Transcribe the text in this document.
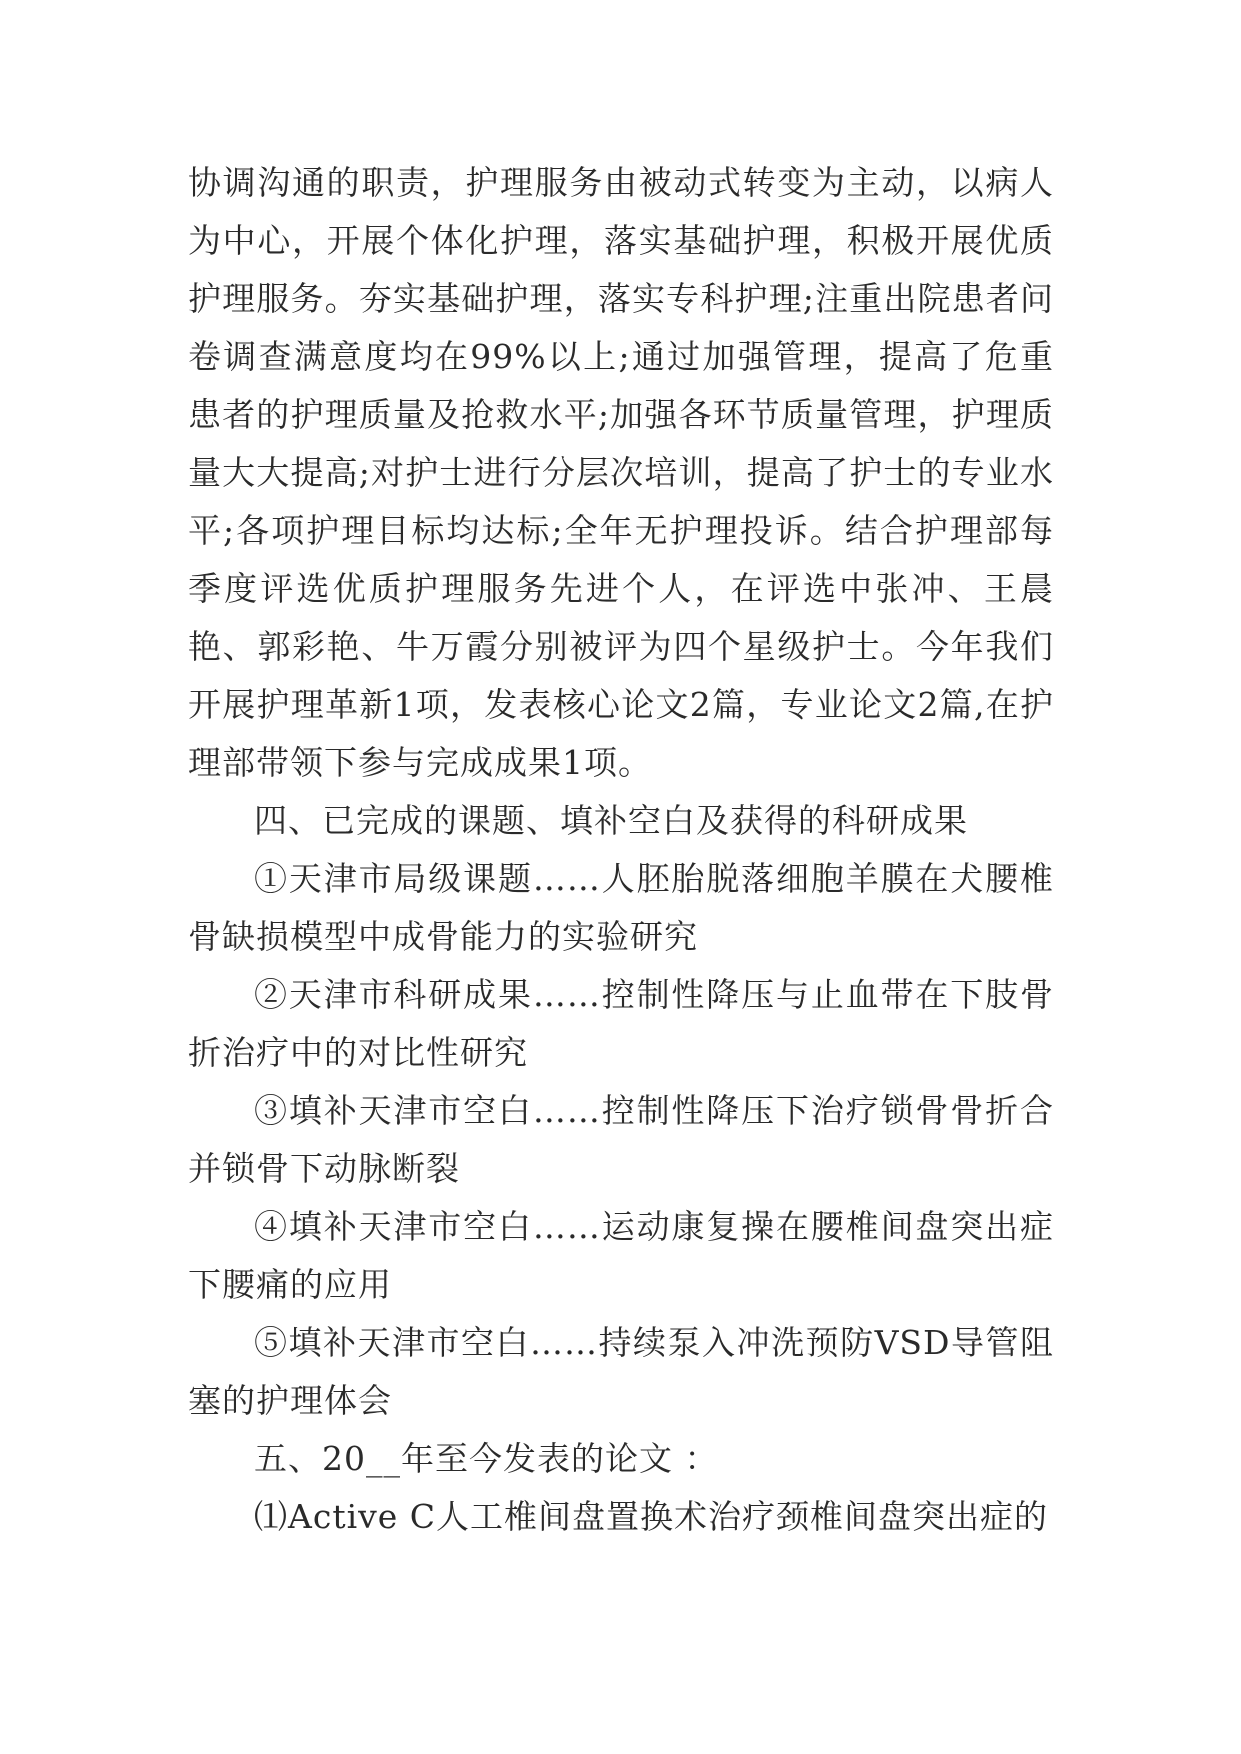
协调沟通的职责，护理服务由被动式转变为主动，以病人为中心，开展个体化护理，落实基础护理，积极开展优质护理服务。夯实基础护理，落实专科护理;注重出院患者问卷调查满意度均在99%以上;通过加强管理，提高了危重患者的护理质量及抢救水平;加强各环节质量管理，护理质量大大提高;对护士进行分层次培训，提高了护士的专业水平;各项护理目标均达标;全年无护理投诉。结合护理部每季度评选优质护理服务先进个人，在评选中张冲、王晨艳、郭彩艳、牛万霞分别被评为四个星级护士。今年我们开展护理革新1项，发表核心论文2篇，专业论文2篇,在护理部带领下参与完成成果1项。

四、已完成的课题、填补空白及获得的科研成果

①天津市局级课题……人胚胎脱落细胞羊膜在犬腰椎骨缺损模型中成骨能力的实验研究

②天津市科研成果……控制性降压与止血带在下肢骨折治疗中的对比性研究

③填补天津市空白……控制性降压下治疗锁骨骨折合并锁骨下动脉断裂

④填补天津市空白……运动康复操在腰椎间盘突出症下腰痛的应用

⑤填补天津市空白……持续泵入冲洗预防VSD导管阻塞的护理体会

五、20__年至今发表的论文 ：

⑴Active C人工椎间盘置换术治疗颈椎间盘突出症的
